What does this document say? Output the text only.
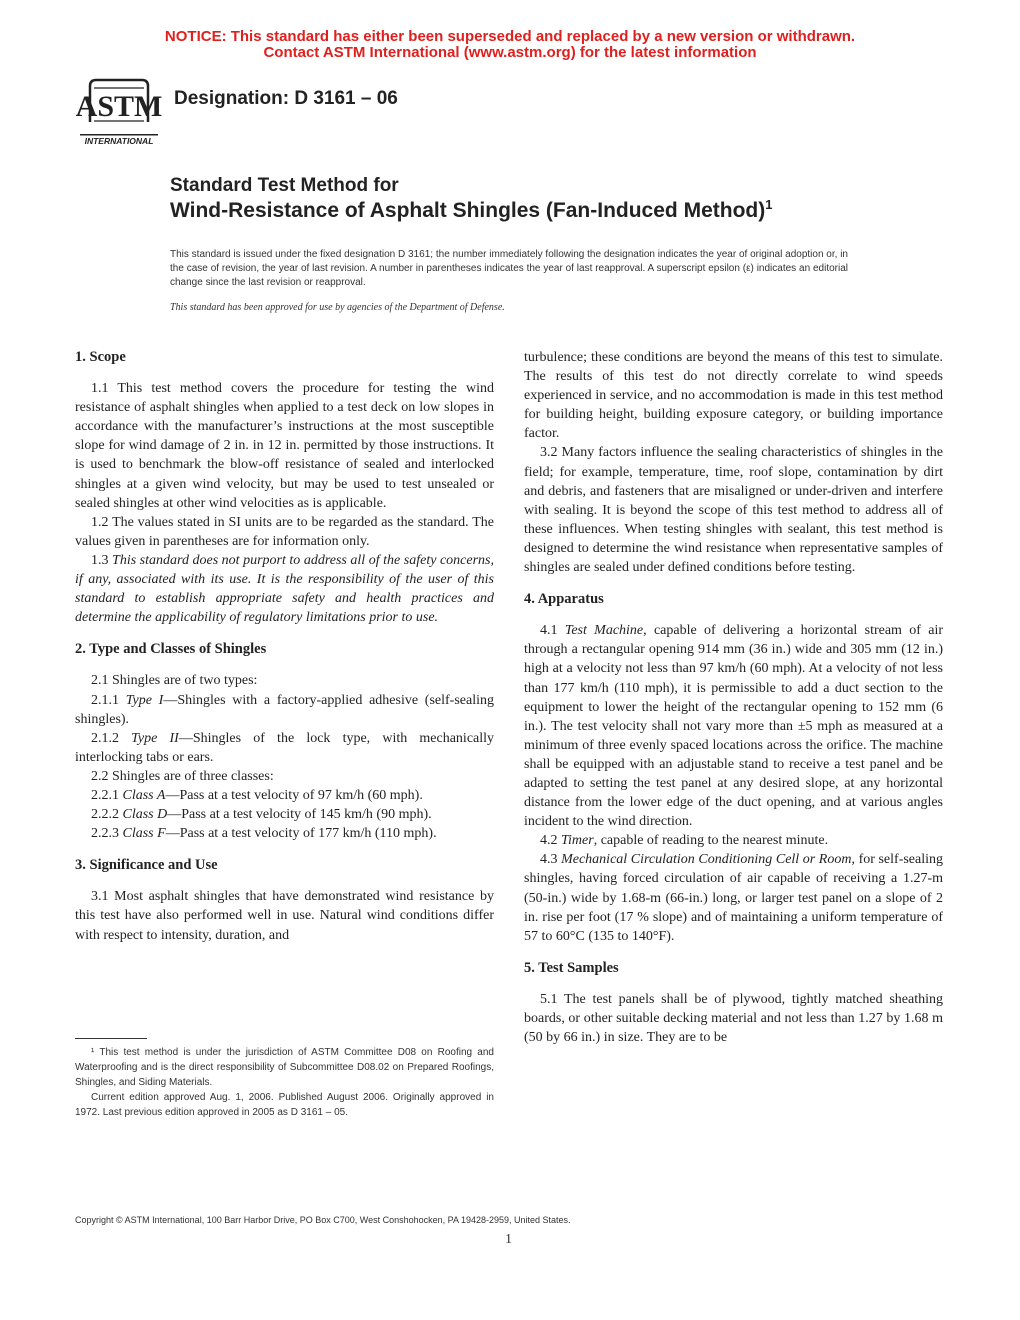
NOTICE: This standard has either been superseded and replaced by a new version or withdrawn.
Contact ASTM International (www.astm.org) for the latest information
ASTM
INTERNATIONAL
Designation: D 3161 – 06
Standard Test Method for
Wind-Resistance of Asphalt Shingles (Fan-Induced Method)$^1$
This standard is issued under the fixed designation D 3161; the number immediately following the designation indicates the year of original adoption or, in the case of revision, the year of last revision. A number in parentheses indicates the year of last reapproval. A superscript epsilon (ε) indicates an editorial change since the last revision or reapproval.
This standard has been approved for use by agencies of the Department of Defense.
1. Scope

1.1 This test method covers the procedure for testing the wind resistance of asphalt shingles when applied to a test deck on low slopes in accordance with the manufacturer’s instructions at the most susceptible slope for wind damage of 2 in. in 12 in. permitted by those instructions. It is used to benchmark the blow-off resistance of sealed and interlocked shingles at a given wind velocity, but may be used to test unsealed or sealed shingles at other wind velocities as is applicable.

1.2 The values stated in SI units are to be regarded as the standard. The values given in parentheses are for information only.

1.3 This standard does not purport to address all of the safety concerns, if any, associated with its use. It is the responsibility of the user of this standard to establish appropriate safety and health practices and determine the applicability of regulatory limitations prior to use.

2. Type and Classes of Shingles

2.1 Shingles are of two types:

2.1.1 Type I—Shingles with a factory-applied adhesive (self-sealing shingles).

2.1.2 Type II—Shingles of the lock type, with mechanically interlocking tabs or ears.

2.2 Shingles are of three classes:

2.2.1 Class A—Pass at a test velocity of 97 km/h (60 mph).

2.2.2 Class D—Pass at a test velocity of 145 km/h (90 mph).

2.2.3 Class F—Pass at a test velocity of 177 km/h (110 mph).

3. Significance and Use

3.1 Most asphalt shingles that have demonstrated wind resistance by this test have also performed well in use. Natural wind conditions differ with respect to intensity, duration, and

¹ This test method is under the jurisdiction of ASTM Committee D08 on Roofing and Waterproofing and is the direct responsibility of Subcommittee D08.02 on Prepared Roofings, Shingles, and Siding Materials.

Current edition approved Aug. 1, 2006. Published August 2006. Originally approved in 1972. Last previous edition approved in 2005 as D 3161 – 05.

turbulence; these conditions are beyond the means of this test to simulate. The results of this test do not directly correlate to wind speeds experienced in service, and no accommodation is made in this test method for building height, building exposure category, or building importance factor.

3.2 Many factors influence the sealing characteristics of shingles in the field; for example, temperature, time, roof slope, contamination by dirt and debris, and fasteners that are misaligned or under-driven and interfere with sealing. It is beyond the scope of this test method to address all of these influences. When testing shingles with sealant, this test method is designed to determine the wind resistance when representative samples of shingles are sealed under defined conditions before testing.

4. Apparatus

4.1 Test Machine, capable of delivering a horizontal stream of air through a rectangular opening 914 mm (36 in.) wide and 305 mm (12 in.) high at a velocity not less than 97 km/h (60 mph). At a velocity of not less than 177 km/h (110 mph), it is permissible to add a duct section to the equipment to lower the height of the rectangular opening to 152 mm (6 in.). The test velocity shall not vary more than ±5 mph as measured at a minimum of three evenly spaced locations across the orifice. The machine shall be equipped with an adjustable stand to receive a test panel and be adapted to setting the test panel at any desired slope, at any horizontal distance from the lower edge of the duct opening, and at various angles incident to the wind direction.

4.2 Timer, capable of reading to the nearest minute.

4.3 Mechanical Circulation Conditioning Cell or Room, for self-sealing shingles, having forced circulation of air capable of receiving a 1.27-m (50-in.) wide by 1.68-m (66-in.) long, or larger test panel on a slope of 2 in. rise per foot (17 % slope) and of maintaining a uniform temperature of 57 to 60°C (135 to 140°F).

5. Test Samples

5.1 The test panels shall be of plywood, tightly matched sheathing boards, or other suitable decking material and not less than 1.27 by 1.68 m (50 by 66 in.) in size. They are to be

Copyright © ASTM International, 100 Barr Harbor Drive, PO Box C700, West Conshohocken, PA 19428-2959, United States.
1
